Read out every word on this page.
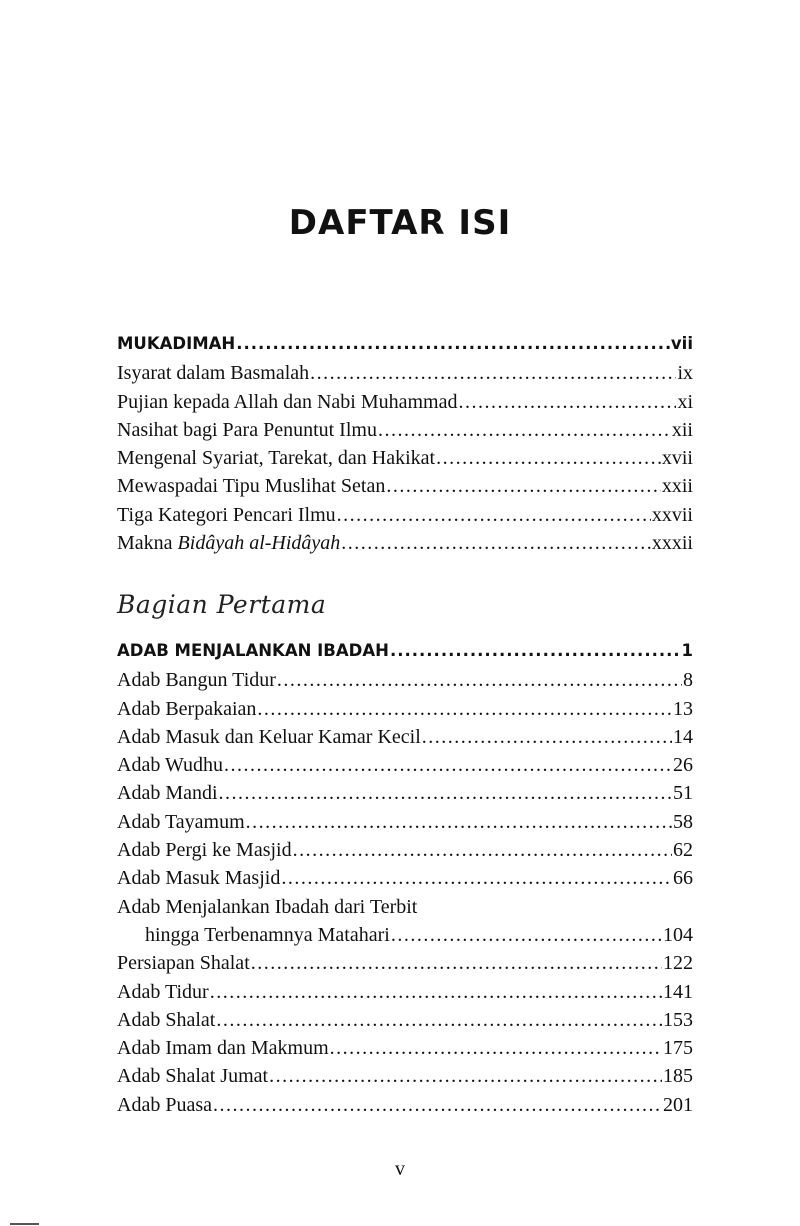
DAFTAR ISI
MUKADIMAH .....	vii
Isyarat dalam Basmalah .....	ix
Pujian kepada Allah dan Nabi Muhammad .....	xi
Nasihat bagi Para Penuntut Ilmu .....	xii
Mengenal Syariat, Tarekat, dan Hakikat .....	xvii
Mewaspadai Tipu Muslihat Setan .....	xxii
Tiga Kategori Pencari Ilmu .....	xxvii
Makna Bidâyah al-Hidâyah .....	xxxii
Bagian Pertama
ADAB MENJALANKAN IBADAH .....	1
Adab Bangun Tidur .....	8
Adab Berpakaian .....	13
Adab Masuk dan Keluar Kamar Kecil .....	14
Adab Wudhu .....	26
Adab Mandi .....	51
Adab Tayamum .....	58
Adab Pergi ke Masjid .....	62
Adab Masuk Masjid .....	66
Adab Menjalankan Ibadah dari Terbit
hingga Terbenamnya Matahari .....	104
Persiapan Shalat .....	122
Adab Tidur .....	141
Adab Shalat .....	153
Adab Imam dan Makmum .....	175
Adab Shalat Jumat .....	185
Adab Puasa .....	201
v
